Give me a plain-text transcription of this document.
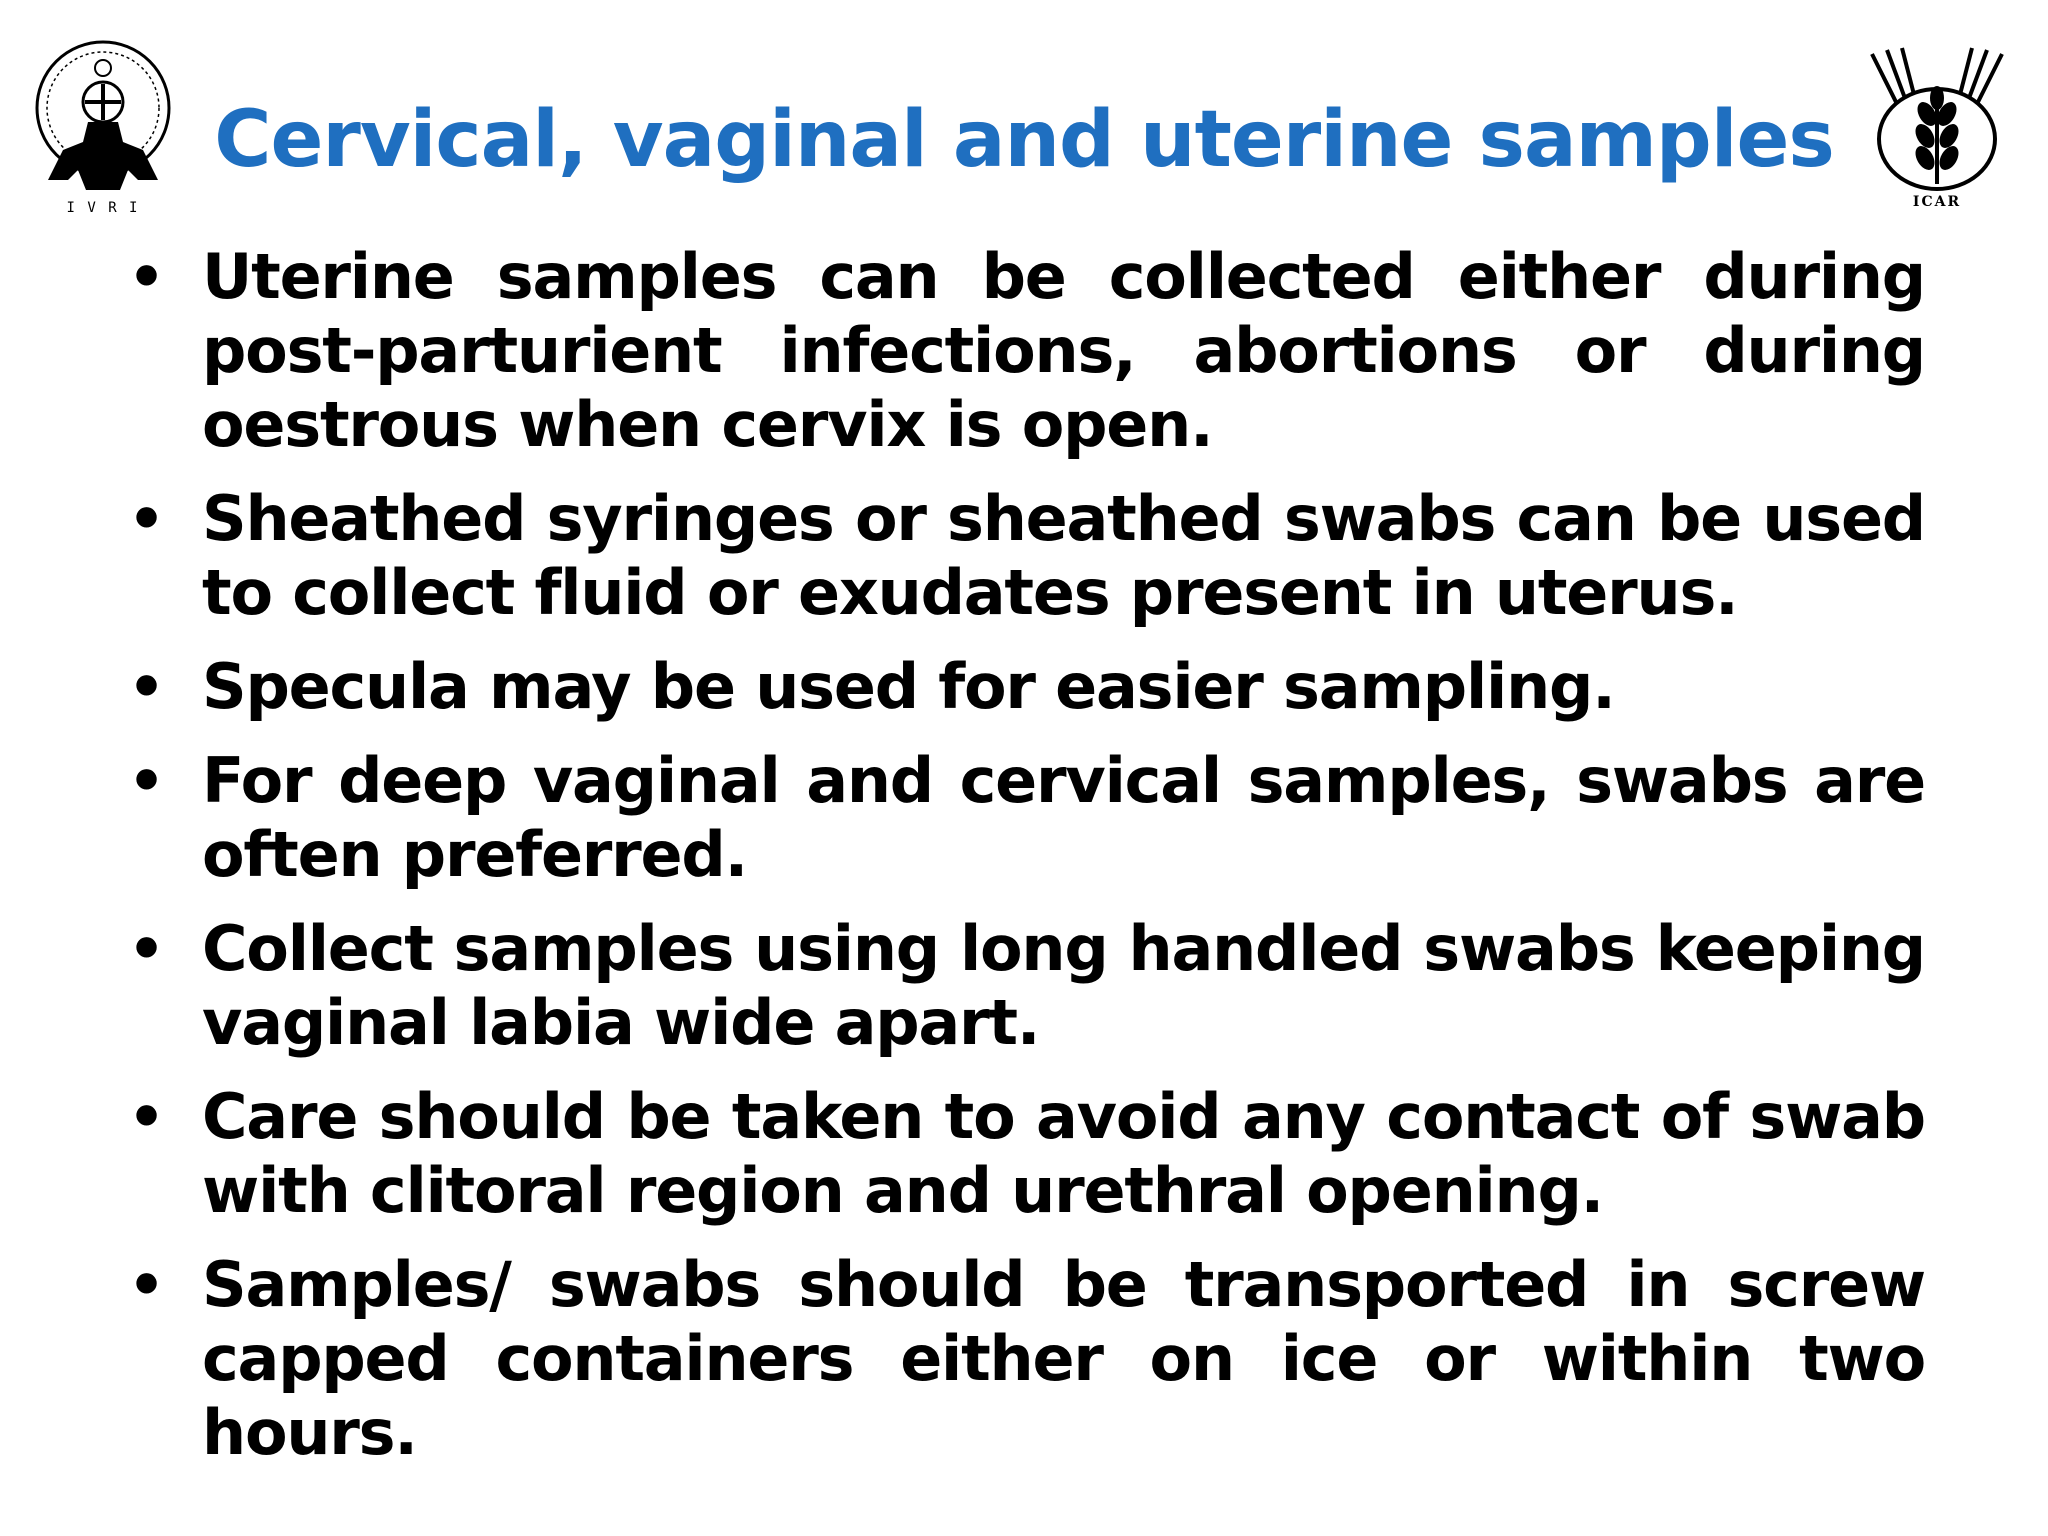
I V R I
Cervical, vaginal and uterine samples
ICAR
• Uterine samples can be collected either during post-parturient infections, abortions or during oestrous when cervix is open.
• Sheathed syringes or sheathed swabs can be used to collect fluid or exudates present in uterus.
• Specula may be used for easier sampling.
• For deep vaginal and cervical samples, swabs are often preferred.
• Collect samples using long handled swabs keeping vaginal labia wide apart.
• Care should be taken to avoid any contact of swab with clitoral region and urethral opening.
• Samples/ swabs should be transported in screw capped containers either on ice or within two hours.
